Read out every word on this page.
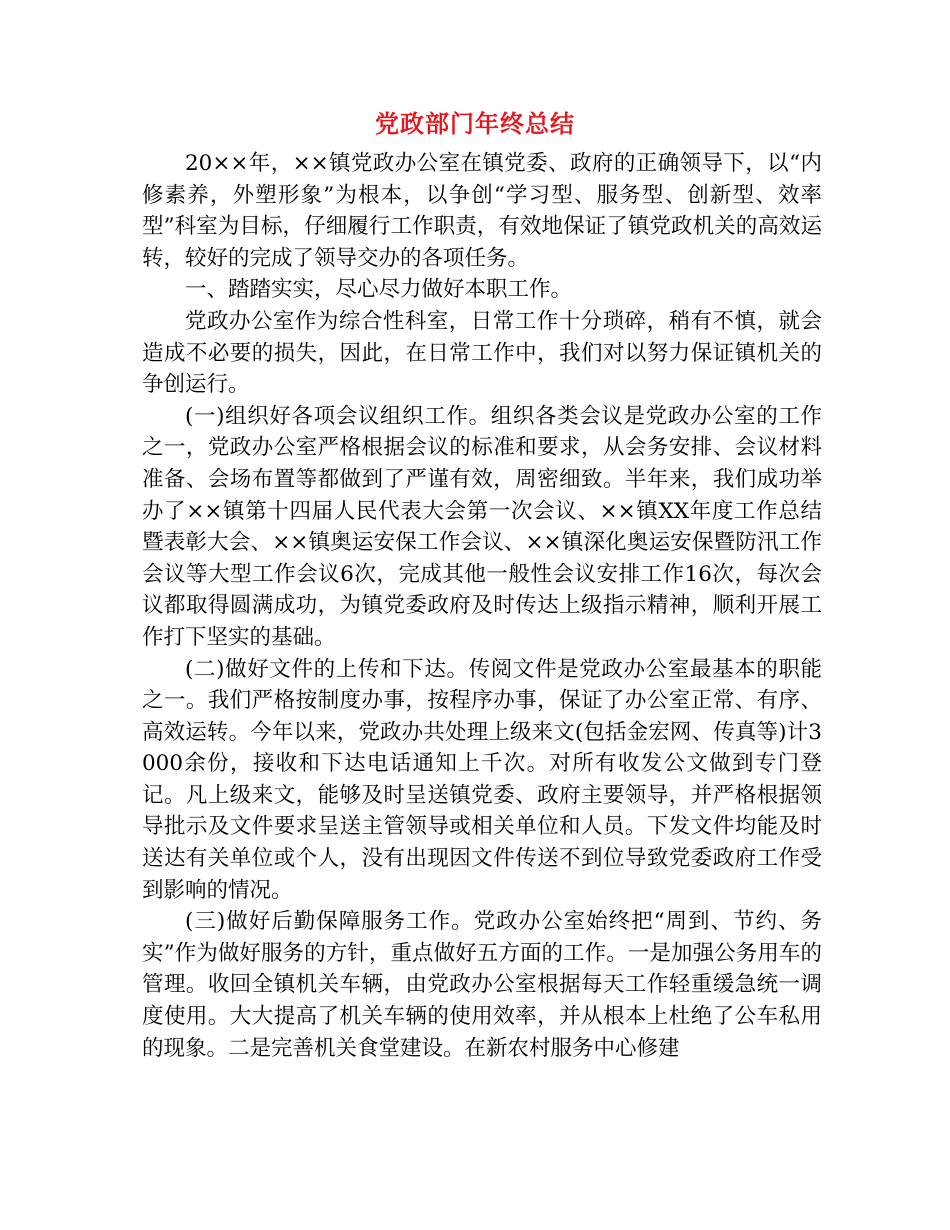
党政部门年终总结

20××年，××镇党政办公室在镇党委、政府的正确领导下，以“内修素养，外塑形象”为根本，以争创“学习型、服务型、创新型、效率型”科室为目标，仔细履行工作职责，有效地保证了镇党政机关的高效运转，较好的完成了领导交办的各项任务。

一、踏踏实实，尽心尽力做好本职工作。

党政办公室作为综合性科室，日常工作十分琐碎，稍有不慎，就会造成不必要的损失，因此，在日常工作中，我们对以努力保证镇机关的争创运行。

(一)组织好各项会议组织工作。组织各类会议是党政办公室的工作之一，党政办公室严格根据会议的标准和要求，从会务安排、会议材料准备、会场布置等都做到了严谨有效，周密细致。半年来，我们成功举办了××镇第十四届人民代表大会第一次会议、××镇XX年度工作总结暨表彰大会、××镇奥运安保工作会议、××镇深化奥运安保暨防汛工作会议等大型工作会议6次，完成其他一般性会议安排工作16次，每次会议都取得圆满成功，为镇党委政府及时传达上级指示精神，顺利开展工作打下坚实的基础。

(二)做好文件的上传和下达。传阅文件是党政办公室最基本的职能之一。我们严格按制度办事，按程序办事，保证了办公室正常、有序、高效运转。今年以来，党政办共处理上级来文(包括金宏网、传真等)计3000余份，接收和下达电话通知上千次。对所有收发公文做到专门登记。凡上级来文，能够及时呈送镇党委、政府主要领导，并严格根据领导批示及文件要求呈送主管领导或相关单位和人员。下发文件均能及时送达有关单位或个人，没有出现因文件传送不到位导致党委政府工作受到影响的情况。

(三)做好后勤保障服务工作。党政办公室始终把“周到、节约、务实”作为做好服务的方针，重点做好五方面的工作。一是加强公务用车的管理。收回全镇机关车辆，由党政办公室根据每天工作轻重缓急统一调度使用。大大提高了机关车辆的使用效率，并从根本上杜绝了公车私用的现象。二是完善机关食堂建设。在新农村服务中心修建
